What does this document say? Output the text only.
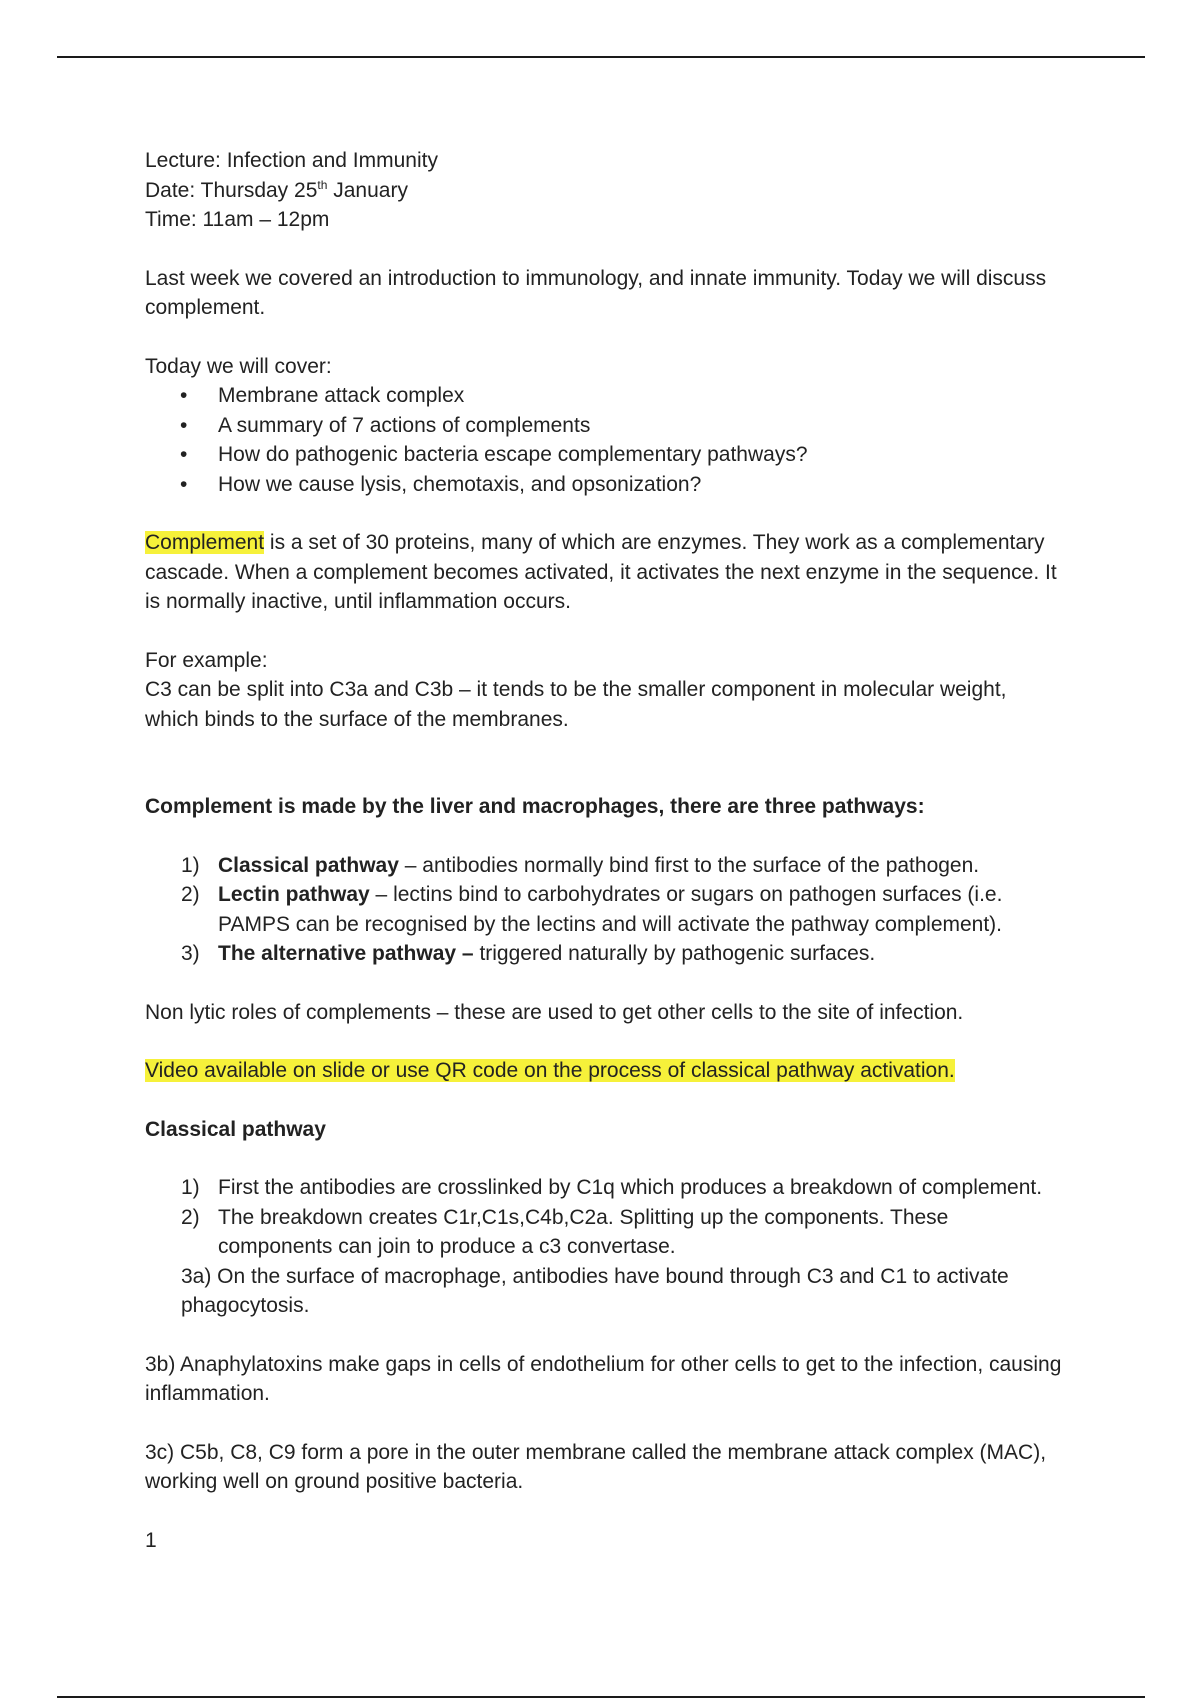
Lecture: Infection and Immunity

Date: Thursday 25th January

Time: 11am – 12pm

Last week we covered an introduction to immunology, and innate immunity. Today we will discuss complement.

Today we will cover:

• Membrane attack complex
• A summary of 7 actions of complements
• How do pathogenic bacteria escape complementary pathways?
• How we cause lysis, chemotaxis, and opsonization?

Complement is a set of 30 proteins, many of which are enzymes. They work as a complementary cascade. When a complement becomes activated, it activates the next enzyme in the sequence. It is normally inactive, until inflammation occurs.

For example:

C3 can be split into C3a and C3b – it tends to be the smaller component in molecular weight, which binds to the surface of the membranes.

Complement is made by the liver and macrophages, there are three pathways:

1) Classical pathway – antibodies normally bind first to the surface of the pathogen.
2) Lectin pathway – lectins bind to carbohydrates or sugars on pathogen surfaces (i.e. PAMPS can be recognised by the lectins and will activate the pathway complement).
3) The alternative pathway – triggered naturally by pathogenic surfaces.

Non lytic roles of complements – these are used to get other cells to the site of infection.

Video available on slide or use QR code on the process of classical pathway activation.

Classical pathway

1) First the antibodies are crosslinked by C1q which produces a breakdown of complement.
2) The breakdown creates C1r,C1s,C4b,C2a. Splitting up the components. These components can join to produce a c3 convertase.

3a) On the surface of macrophage, antibodies have bound through C3 and C1 to activate phagocytosis.

3b) Anaphylatoxins make gaps in cells of endothelium for other cells to get to the infection, causing inflammation.

3c) C5b, C8, C9 form a pore in the outer membrane called the membrane attack complex (MAC), working well on ground positive bacteria.

1
